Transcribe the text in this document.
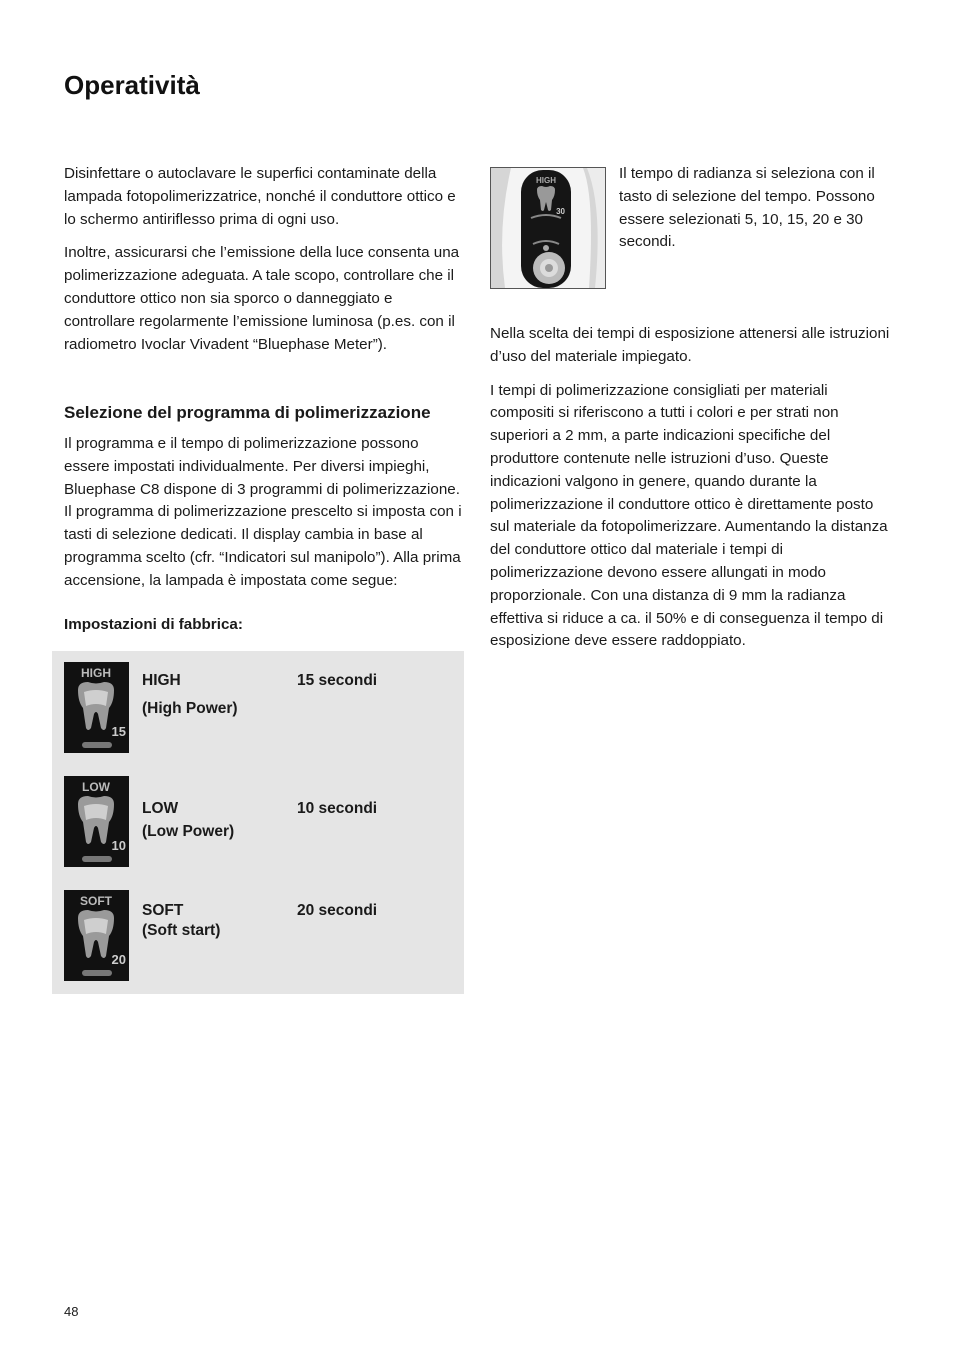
Operatività

Disinfettare o autoclavare le superfici contaminate della lampada fotopolimerizzatrice, nonché il conduttore ottico e lo schermo antiriflesso prima di ogni uso.

Inoltre, assicurarsi che l’emissione della luce consenta una polimerizzazione adeguata. A tale scopo, controllare che il conduttore ottico non sia sporco o danneggiato e controllare regolarmente l’emissione luminosa (p.es. con il radiometro Ivoclar Vivadent “Bluephase Meter”).

Selezione del programma di polimerizzazione

Il programma e il tempo di polimerizzazione possono essere impostati individualmente. Per diversi impieghi, Bluephase C8 dispone di 3 programmi di polimerizzazione. Il programma di polimerizzazione prescelto si imposta con i tasti di selezione dedicati. Il display cambia in base al programma scelto (cfr. “Indicatori sul manipolo”). Alla prima accensione, la lampada è impostata come segue:

Impostazioni di fabbrica:
HIGH
15
HIGH
(High Power)
15 secondi
LOW
10
LOW
(Low Power)
10 secondi
SOFT
20
SOFT
(Soft start)
20 secondi
HIGH
30

Il tempo di radianza si seleziona con il tasto di selezione del tempo. Possono essere selezionati 5, 10, 15, 20 e 30 secondi.

Nella scelta dei tempi di esposizione attenersi alle istruzioni d’uso del materiale impiegato.

I tempi di polimerizzazione consigliati per materiali compositi si riferiscono a tutti i colori e per strati non superiori a 2 mm, a parte indicazioni specifiche del produttore contenute nelle istruzioni d’uso. Queste indicazioni valgono in genere, quando durante la polimerizzazione il conduttore ottico è direttamente posto sul materiale da fotopolimerizzare. Aumentando la distanza del conduttore ottico dal materiale i tempi di polimerizzazione devono essere allungati in modo proporzionale. Con una distanza di 9 mm la radianza effettiva si riduce a ca. il 50% e di conseguenza il tempo di esposizione deve essere raddoppiato.

48
